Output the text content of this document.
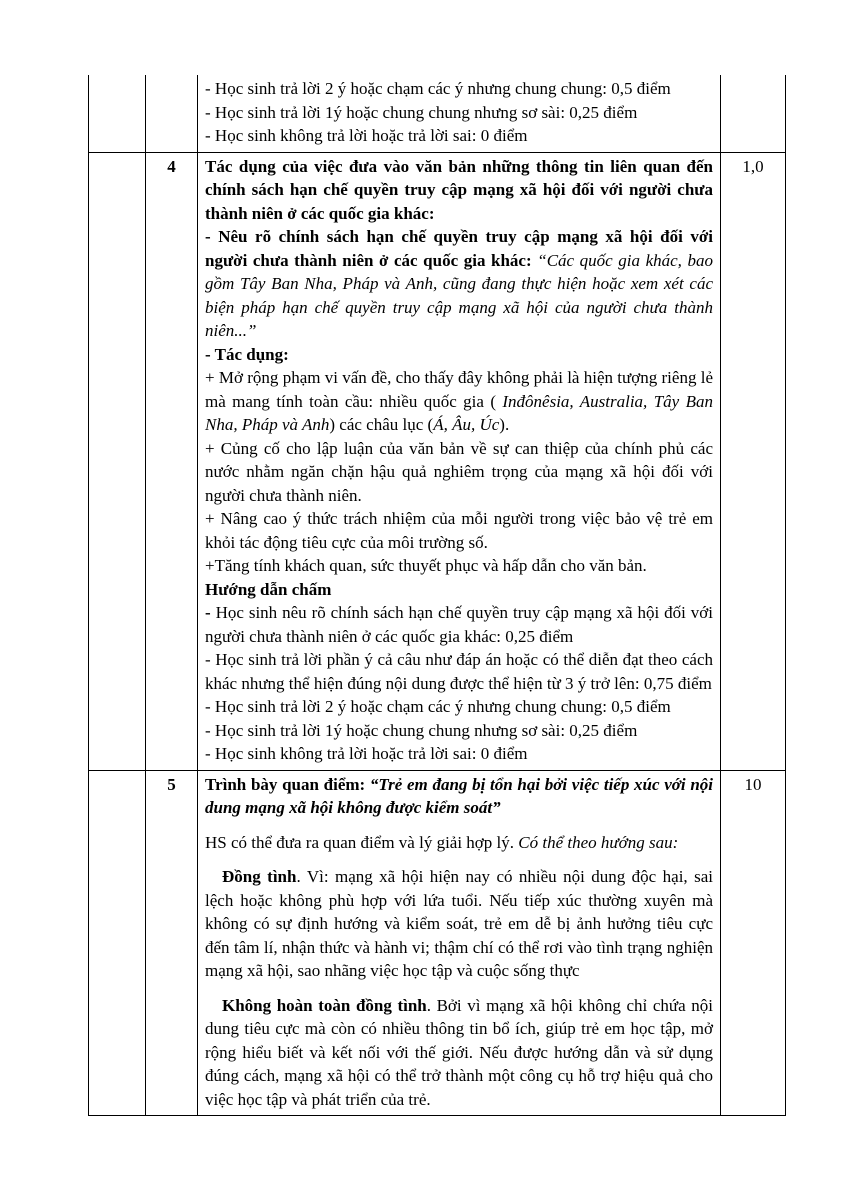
		- Học sinh trả lời 2 ý hoặc chạm các ý nhưng chung chung: 0,5 điểm

- Học sinh trả lời 1ý hoặc chung chung nhưng sơ sài: 0,25 điểm

- Học sinh không trả lời hoặc trả lời sai: 0 điểm	

	4	Tác dụng của việc đưa vào văn bản những thông tin liên quan đến chính sách hạn chế quyền truy cập mạng xã hội đối với người chưa thành niên ở các quốc gia khác:

- Nêu rõ chính sách hạn chế quyền truy cập mạng xã hội đối với người chưa thành niên ở các quốc gia khác: “Các quốc gia khác, bao gồm Tây Ban Nha, Pháp và Anh, cũng đang thực hiện hoặc xem xét các biện pháp hạn chế quyền truy cập mạng xã hội của người chưa thành niên...”

- Tác dụng:

+ Mở rộng phạm vi vấn đề, cho thấy đây không phải là hiện tượng riêng lẻ mà mang tính toàn cầu: nhiều quốc gia ( Inđônêsia, Australia, Tây Ban Nha, Pháp và Anh) các châu lục (Á, Âu, Úc).

+ Củng cố cho lập luận của văn bản về sự can thiệp của chính phủ các nước nhằm ngăn chặn hậu quả nghiêm trọng của mạng xã hội đối với người chưa thành niên.

+ Nâng cao ý thức trách nhiệm của mỗi người trong việc bảo vệ trẻ em khỏi tác động tiêu cực của môi trường số.

+Tăng tính khách quan, sức thuyết phục và hấp dẫn cho văn bản.

Hướng dẫn chấm

- Học sinh nêu rõ chính sách hạn chế quyền truy cập mạng xã hội đối với người chưa thành niên ở các quốc gia khác: 0,25 điểm

- Học sinh trả lời phần ý cả câu như đáp án hoặc có thể diễn đạt theo cách khác nhưng thể hiện đúng nội dung được thể hiện từ 3 ý trở lên: 0,75 điểm

- Học sinh trả lời 2 ý hoặc chạm các ý nhưng chung chung: 0,5 điểm

- Học sinh trả lời 1ý hoặc chung chung nhưng sơ sài: 0,25 điểm

- Học sinh không trả lời hoặc trả lời sai: 0 điểm

	1,0
	5	Trình bày quan điểm: “Trẻ em đang bị tổn hại bởi việc tiếp xúc với nội dung mạng xã hội không được kiểm soát”

HS có thể đưa ra quan điểm và lý giải hợp lý. Có thể theo hướng sau:

Đồng tình. Vì: mạng xã hội hiện nay có nhiều nội dung độc hại, sai lệch hoặc không phù hợp với lứa tuổi. Nếu tiếp xúc thường xuyên mà không có sự định hướng và kiểm soát, trẻ em dễ bị ảnh hưởng tiêu cực đến tâm lí, nhận thức và hành vi; thậm chí có thể rơi vào tình trạng nghiện mạng xã hội, sao nhãng việc học tập và cuộc sống thực

Không hoàn toàn đồng tình. Bởi vì mạng xã hội không chỉ chứa nội dung tiêu cực mà còn có nhiều thông tin bổ ích, giúp trẻ em học tập, mở rộng hiểu biết và kết nối với thế giới. Nếu được hướng dẫn và sử dụng đúng cách, mạng xã hội có thể trở thành một công cụ hỗ trợ hiệu quả cho việc học tập và phát triển của trẻ.	10
